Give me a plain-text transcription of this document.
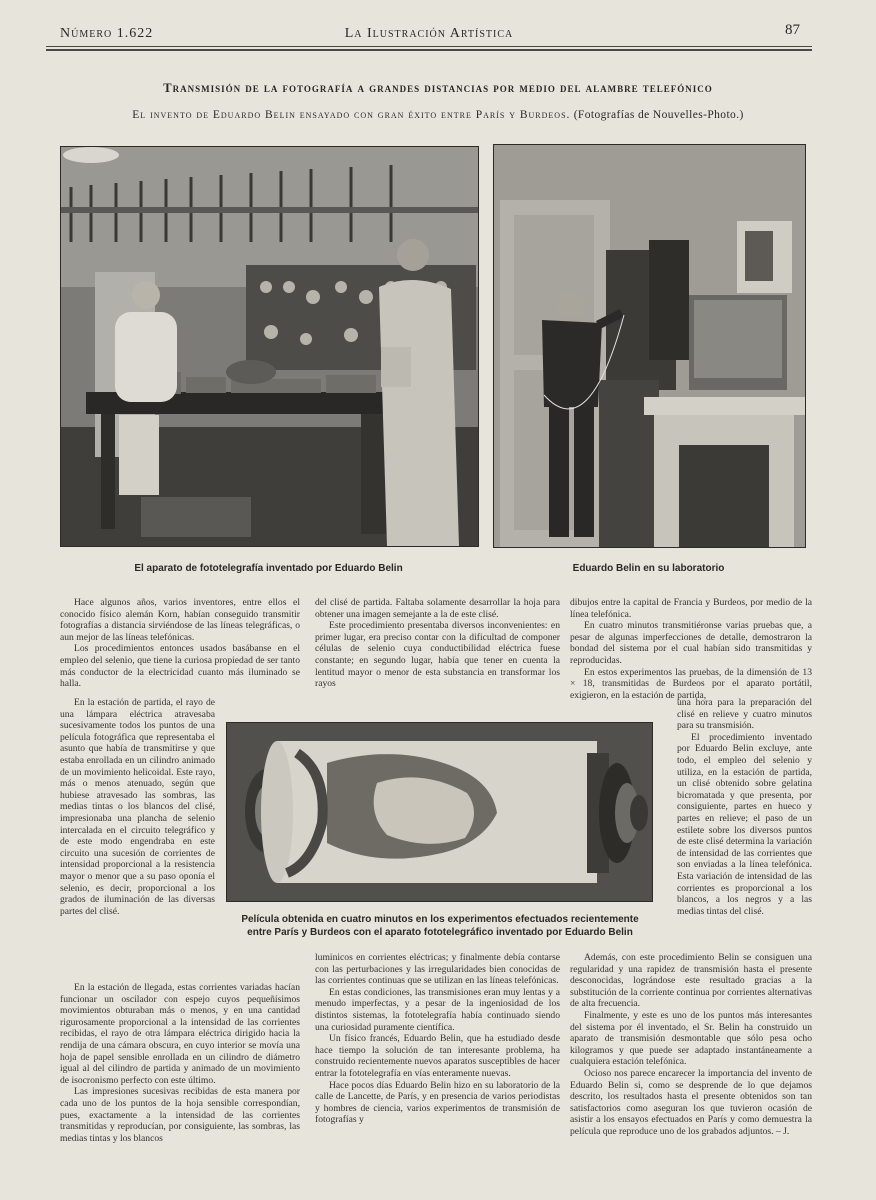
Número 1.622	La Ilustración Artística	87
Transmisión de la fotografía a grandes distancias por medio del alambre telefónico
El invento de Eduardo Belin ensayado con gran éxito entre París y Burdeos. (Fotografías de Nouvelles-Photo.)
El aparato de fototelegrafía inventado por Eduardo Belin	Eduardo Belin en su laboratorio

Hace algunos años, varios inventores, entre ellos el conocido físico alemán Korn, habían conseguido transmitir fotografías a distancia sirviéndose de las líneas telegráficas, o aun mejor de las líneas telefónicas.

Los procedimientos entonces usados basábanse en el empleo del selenio, que tiene la curiosa propiedad de ser tanto más conductor de la electricidad cuanto más iluminado se halla.

En la estación de partida, el rayo de una lámpara eléctrica atravesaba sucesivamente todos los puntos de una película fotográfica que representaba el asunto que había de transmitirse y que estaba enrollada en un cilindro animado de un movimiento helicoidal. Este rayo, más o menos atenuado, según que hubiese atravesado las sombras, las medias tintas o los blancos del clisé, impresionaba una plancha de selenio intercalada en el circuito telegráfico y de este modo engendraba en este circuito una sucesión de corrientes de intensidad proporcional a la resistencia mayor o menor que a su paso oponía el selenio, es decir, proporcional a los grados de iluminación de las diversas partes del clisé.

En la estación de llegada, estas corrientes variadas hacían funcionar un oscilador con espejo cuyos pequeñísimos movimientos obturaban más o menos, y en una cantidad rigurosamente proporcional a la intensidad de las corrientes recibidas, el rayo de otra lámpara eléctrica dirigido hacia la rendija de una cámara obscura, en cuyo interior se movía una hoja de papel sensible enrollada en un cilindro de diámetro igual al del cilindro de partida y animado de un movimiento de isocronismo perfecto con este último.

Las impresiones sucesivas recibidas de esta manera por cada uno de los puntos de la hoja sensible correspondían, pues, exactamente a la intensidad de las corrientes transmitidas y reproducían, por consiguiente, las sombras, las medias tintas y los blancos

del clisé de partida. Faltaba solamente desarrollar la hoja para obtener una imagen semejante a la de este clisé.

Este procedimiento presentaba diversos inconvenientes: en primer lugar, era preciso contar con la dificultad de componer células de selenio cuya conductibilidad eléctrica fuese constante; en segundo lugar, había que tener en cuenta la lentitud mayor o menor de esta substancia en transformar los rayos

luminicos en corrientes eléctricas; y finalmente debía contarse con las perturbaciones y las irregularidades bien conocidas de las corrientes continuas que se utilizan en las líneas telefónicas.

En estas condiciones, las transmisiones eran muy lentas y a menudo imperfectas, y a pesar de la ingeniosidad de los distintos sistemas, la fototelegrafía había continuado siendo una curiosidad puramente científica.

Un físico francés, Eduardo Belin, que ha estudiado desde hace tiempo la solución de tan interesante problema, ha construido recientemente nuevos aparatos susceptibles de hacer entrar la fototelegrafía en vías enteramente nuevas.

Hace pocos días Eduardo Belin hizo en su laboratorio de la calle de Lancette, de París, y en presencia de varios periodistas y hombres de ciencia, varios experimentos de transmisión de fotografías y

dibujos entre la capital de Francia y Burdeos, por medio de la línea telefónica.

En cuatro minutos transmitiéronse varias pruebas que, a pesar de algunas imperfecciones de detalle, demostraron la bondad del sistema por el cual habían sido transmitidas y reproducidas.

En estos experimentos las pruebas, de la dimensión de 13 × 18, transmitidas de Burdeos por el aparato portátil, exigieron, en la estación de partida,

una hora para la preparación del clisé en relieve y cuatro minutos para su transmisión.

El procedimiento inventado por Eduardo Belin excluye, ante todo, el empleo del selenio y utiliza, en la estación de partida, un clisé obtenido sobre gelatina bicromatada y que presenta, por consiguiente, partes en hueco y partes en relieve; el paso de un estilete sobre los diversos puntos de este clisé determina la variación de intensidad de las corrientes que son enviadas a la línea telefónica. Esta variación de intensidad de las corrientes es proporcional a los blancos, a los negros y a las medias tintas del clisé.

Además, con este procedimiento Belin se consiguen una regularidad y una rapidez de transmisión hasta el presente desconocidas, lográndose este resultado gracias a la substitución de la corriente continua por corrientes alternativas de alta frecuencia.

Finalmente, y este es uno de los puntos más interesantes del sistema por él inventado, el Sr. Belin ha construido un aparato de transmisión desmontable que sólo pesa ocho kilogramos y que puede ser adaptado instantáneamente a cualquiera estación telefónica.

Ocioso nos parece encarecer la importancia del invento de Eduardo Belin si, como se desprende de lo que dejamos descrito, los resultados hasta el presente obtenidos son tan satisfactorios como aseguran los que tuvieron ocasión de asistir a los ensayos efectuados en París y como demuestra la película que reproduce uno de los grabados adjuntos. – J.

Película obtenida en cuatro minutos en los experimentos efectuados recientemente
entre París y Burdeos con el aparato fototelegráfico inventado por Eduardo Belin
